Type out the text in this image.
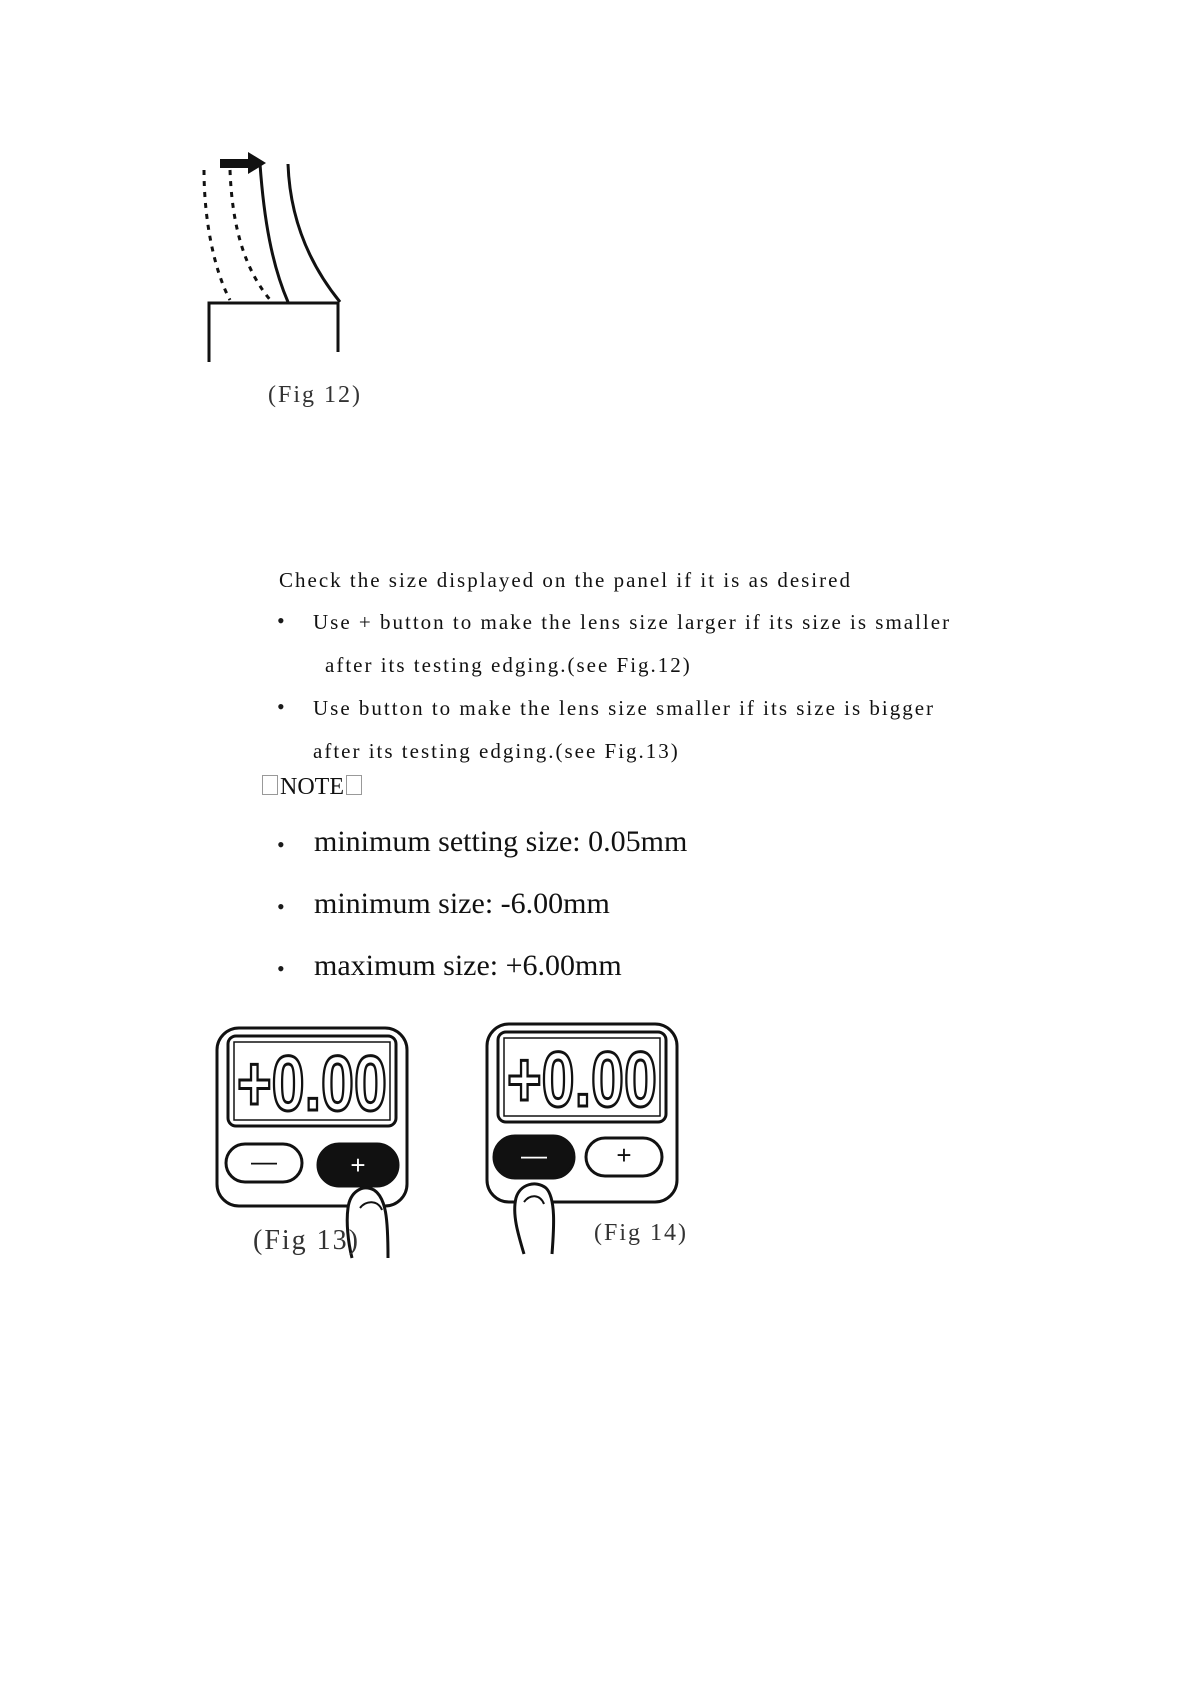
(Fig 12)
Check the size displayed on the panel if it is as desired
• Use + button to make the lens size larger if its size is smaller
after its testing edging.(see Fig.12)
• Use button to make the lens size smaller if its size is bigger
after its testing edging.(see Fig.13)
NOTE
• minimum setting size: 0.05mm
• minimum size: -6.00mm
• maximum size: +6.00mm
+0.00
—	+
(Fig 13)
+0.00
—	+
(Fig 14)
